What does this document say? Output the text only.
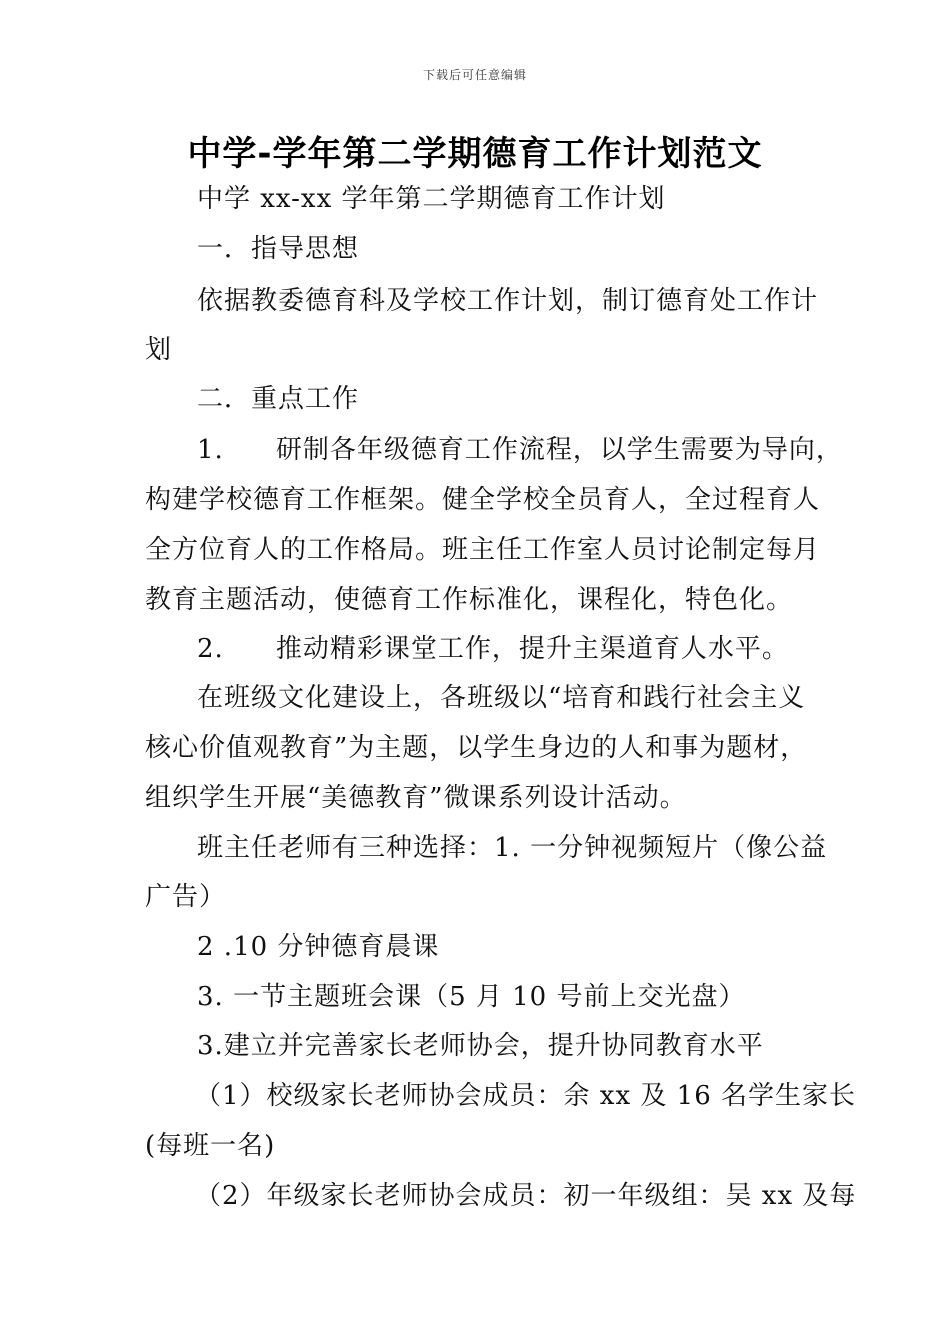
下载后可任意编辑
中学-学年第二学期德育工作计划范文
中学 xx-xx 学年第二学期德育工作计划
一．指导思想
依据教委德育科及学校工作计划，制订德育处工作计
划
二．重点工作
1. 研制各年级德育工作流程，以学生需要为导向，
构建学校德育工作框架。健全学校全员育人，全过程育人
全方位育人的工作格局。班主任工作室人员讨论制定每月
教育主题活动，使德育工作标准化，课程化，特色化。
2. 推动精彩课堂工作，提升主渠道育人水平。
在班级文化建设上，各班级以“培育和践行社会主义
核心价值观教育”为主题，以学生身边的人和事为题材，
组织学生开展“美德教育”微课系列设计活动。
班主任老师有三种选择：1. 一分钟视频短片（像公益
广告）
2 .10 分钟德育晨课
3. 一节主题班会课（5 月 10 号前上交光盘）
3.建立并完善家长老师协会，提升协同教育水平
（1）校级家长老师协会成员：余 xx 及 16 名学生家长
(每班一名)
（2）年级家长老师协会成员：初一年级组：吴 xx 及每
